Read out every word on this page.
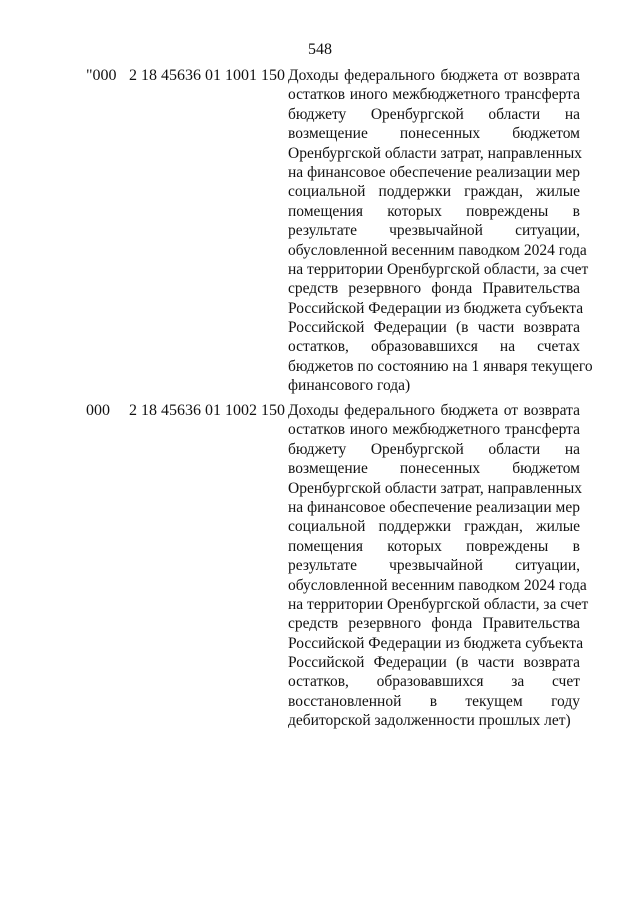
548
"000 2 18 45636 01 1001 150 Доходы федерального бюджета от возврата
остатков иного межбюджетного трансферта
бюджету Оренбургской области на
возмещение понесенных бюджетом
Оренбургской области затрат, направленных
на финансовое обеспечение реализации мер
социальной поддержки граждан, жилые
помещения которых повреждены в
результате чрезвычайной ситуации,
обусловленной весенним паводком 2024 года
на территории Оренбургской области, за счет
средств резервного фонда Правительства
Российской Федерации из бюджета субъекта
Российской Федерации (в части возврата
остатков, образовавшихся на счетах
бюджетов по состоянию на 1 января текущего
финансового года)
000 2 18 45636 01 1002 150 Доходы федерального бюджета от возврата
остатков иного межбюджетного трансферта
бюджету Оренбургской области на
возмещение понесенных бюджетом
Оренбургской области затрат, направленных
на финансовое обеспечение реализации мер
социальной поддержки граждан, жилые
помещения которых повреждены в
результате чрезвычайной ситуации,
обусловленной весенним паводком 2024 года
на территории Оренбургской области, за счет
средств резервного фонда Правительства
Российской Федерации из бюджета субъекта
Российской Федерации (в части возврата
остатков, образовавшихся за счет
восстановленной в текущем году
дебиторской задолженности прошлых лет)
